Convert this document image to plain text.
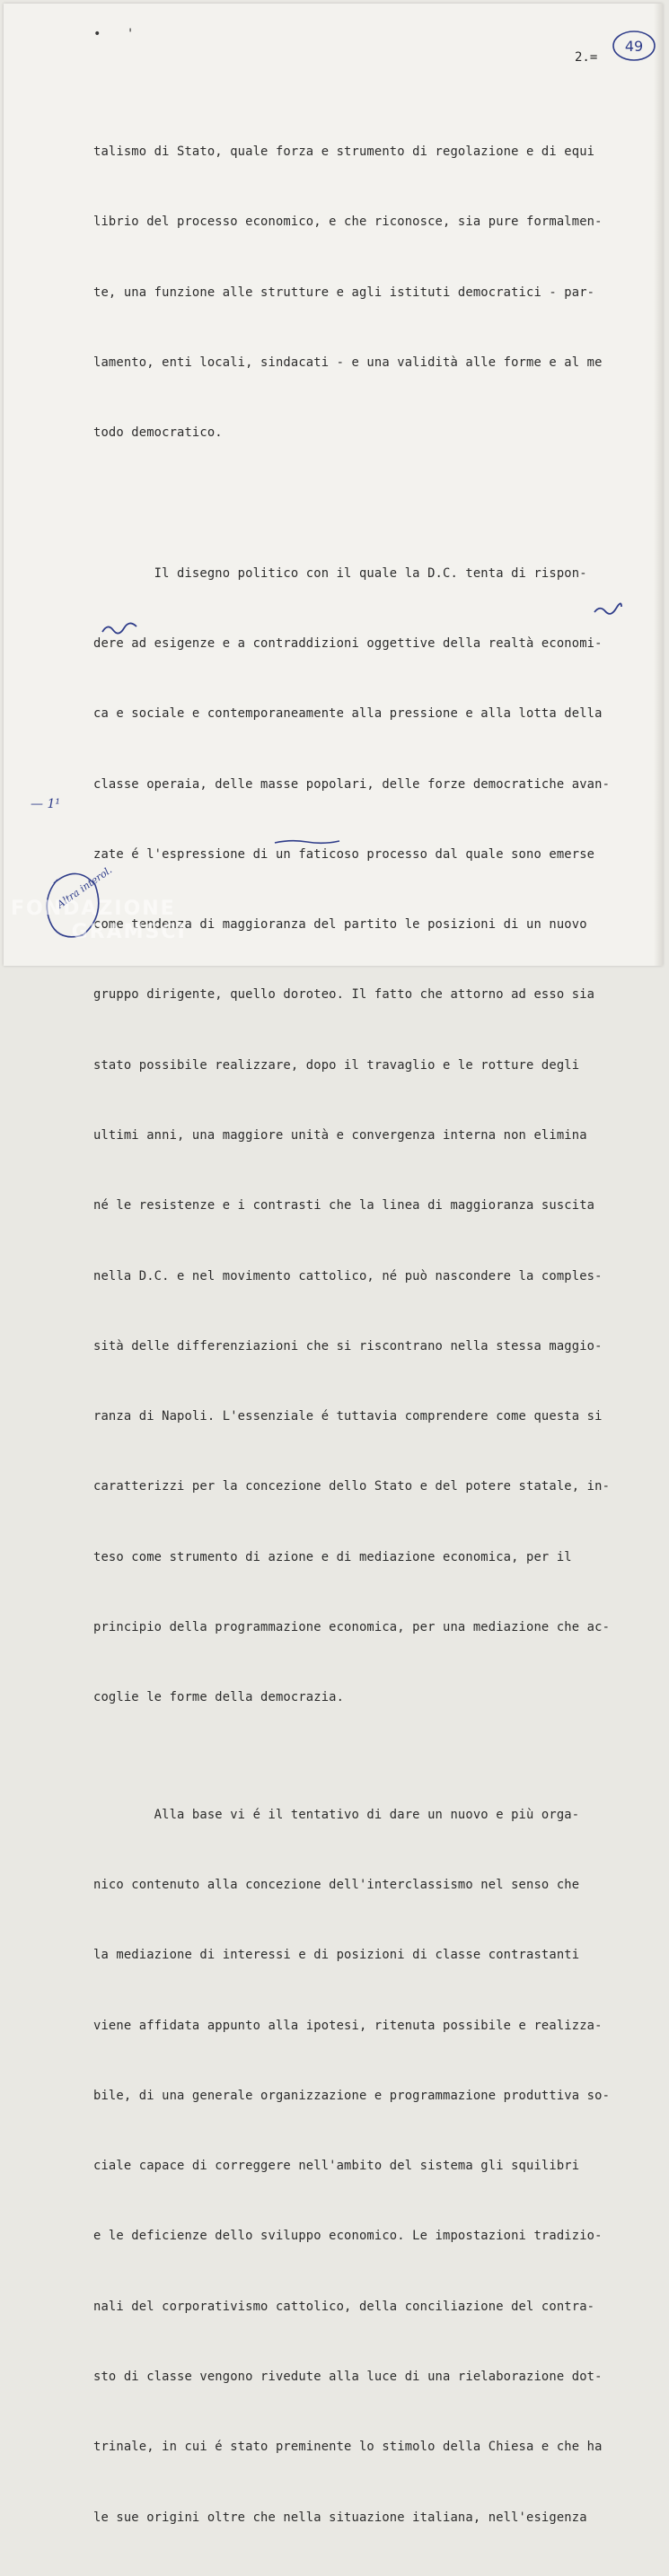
• '
2.=
49

talismo di Stato, quale forza e strumento di regolazione e di equi

librio del processo economico, e che riconosce, sia pure formalmen-

te, una funzione alle strutture e agli istituti democratici - par-

lamento, enti locali, sindacati - e una validità alle forme e al me

todo democratico.

Il disegno politico con il quale la D.C. tenta di rispon-

dere ad esigenze e a contraddizioni oggettive della realtà economi-

ca e sociale e contemporaneamente alla pressione e alla lotta della

classe operaia, delle masse popolari, delle forze democratiche avan-

zate é l'espressione di un faticoso processo dal quale sono emerse

come tendenza di maggioranza del partito le posizioni di un nuovo

gruppo dirigente, quello doroteo. Il fatto che attorno ad esso sia

stato possibile realizzare, dopo il travaglio e le rotture degli

ultimi anni, una maggiore unità e convergenza interna non elimina

né le resistenze e i contrasti che la linea di maggioranza suscita

nella D.C. e nel movimento cattolico, né può nascondere la comples-

sità delle differenziazioni che si riscontrano nella stessa maggio-

ranza di Napoli. L'essenziale é tuttavia comprendere come questa si

caratterizzi per la concezione dello Stato e del potere statale, in-

teso come strumento di azione e di mediazione economica, per il

principio della programmazione economica, per una mediazione che ac-

coglie le forme della democrazia.

Alla base vi é il tentativo di dare un nuovo e più orga-

nico contenuto alla concezione dell'interclassismo nel senso che

la mediazione di interessi e di posizioni di classe contrastanti

viene affidata appunto alla ipotesi, ritenuta possibile e realizza-

bile, di una generale organizzazione e programmazione produttiva so-

ciale capace di correggere nell'ambito del sistema gli squilibri

e le deficienze dello sviluppo economico. Le impostazioni tradizio-

nali del corporativismo cattolico, della conciliazione del contra-

sto di classe vengono rivedute alla luce di una rielaborazione dot-

trinale, in cui é stato preminente lo stimolo della Chiesa e che ha

le sue origini oltre che nella situazione italiana, nell'esigenza

— 1¹
Altra interol.
FONDAZIONE
GRAMSCI
